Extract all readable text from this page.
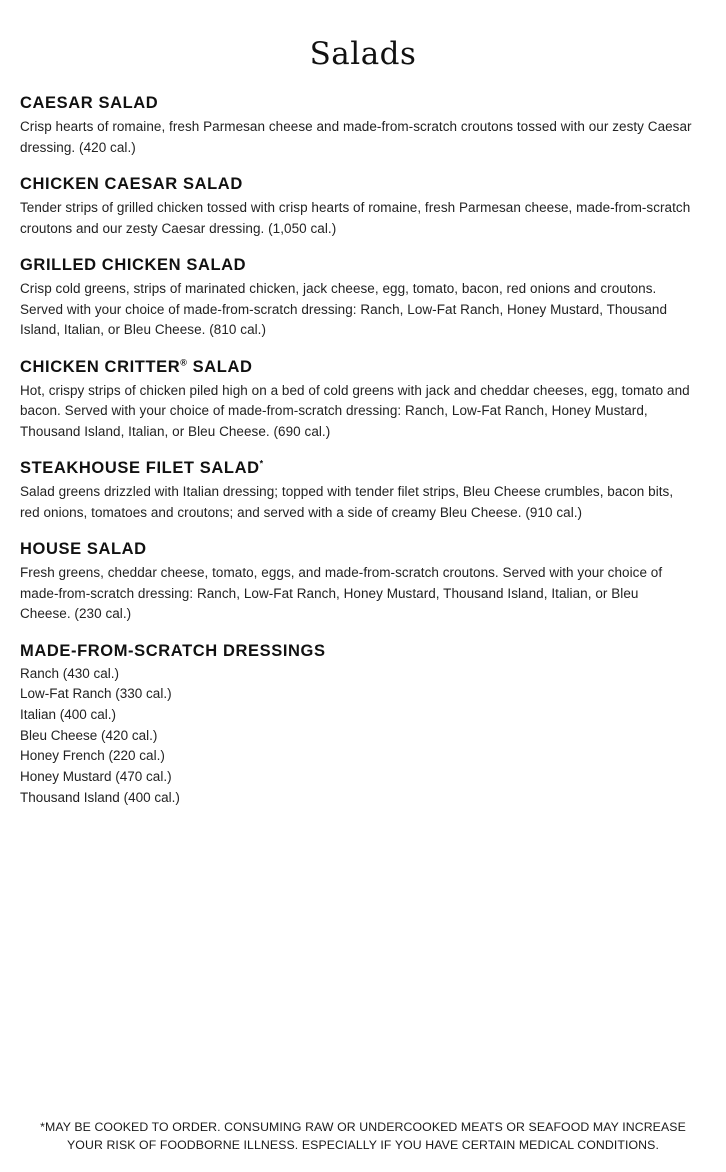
Salads
CAESAR SALAD

Crisp hearts of romaine, fresh Parmesan cheese and made-from-scratch croutons tossed with our zesty Caesar dressing. (420 cal.)

CHICKEN CAESAR SALAD

Tender strips of grilled chicken tossed with crisp hearts of romaine, fresh Parmesan cheese, made-from-scratch croutons and our zesty Caesar dressing. (1,050 cal.)

GRILLED CHICKEN SALAD

Crisp cold greens, strips of marinated chicken, jack cheese, egg, tomato, bacon, red onions and croutons. Served with your choice of made-from-scratch dressing: Ranch, Low-Fat Ranch, Honey Mustard, Thousand Island, Italian, or Bleu Cheese. (810 cal.)

CHICKEN CRITTER® SALAD

Hot, crispy strips of chicken piled high on a bed of cold greens with jack and cheddar cheeses, egg, tomato and bacon. Served with your choice of made-from-scratch dressing: Ranch, Low-Fat Ranch, Honey Mustard, Thousand Island, Italian, or Bleu Cheese. (690 cal.)

STEAKHOUSE FILET SALAD*

Salad greens drizzled with Italian dressing; topped with tender filet strips, Bleu Cheese crumbles, bacon bits, red onions, tomatoes and croutons; and served with a side of creamy Bleu Cheese. (910 cal.)

HOUSE SALAD

Fresh greens, cheddar cheese, tomato, eggs, and made-from-scratch croutons. Served with your choice of made-from-scratch dressing: Ranch, Low-Fat Ranch, Honey Mustard, Thousand Island, Italian, or Bleu Cheese. (230 cal.)

MADE-FROM-SCRATCH DRESSINGS
Ranch (430 cal.)
Low-Fat Ranch (330 cal.)
Italian (400 cal.)
Bleu Cheese (420 cal.)
Honey French (220 cal.)
Honey Mustard (470 cal.)
Thousand Island (400 cal.)
*MAY BE COOKED TO ORDER. CONSUMING RAW OR UNDERCOOKED MEATS OR SEAFOOD MAY INCREASE
YOUR RISK OF FOODBORNE ILLNESS. ESPECIALLY IF YOU HAVE CERTAIN MEDICAL CONDITIONS.
